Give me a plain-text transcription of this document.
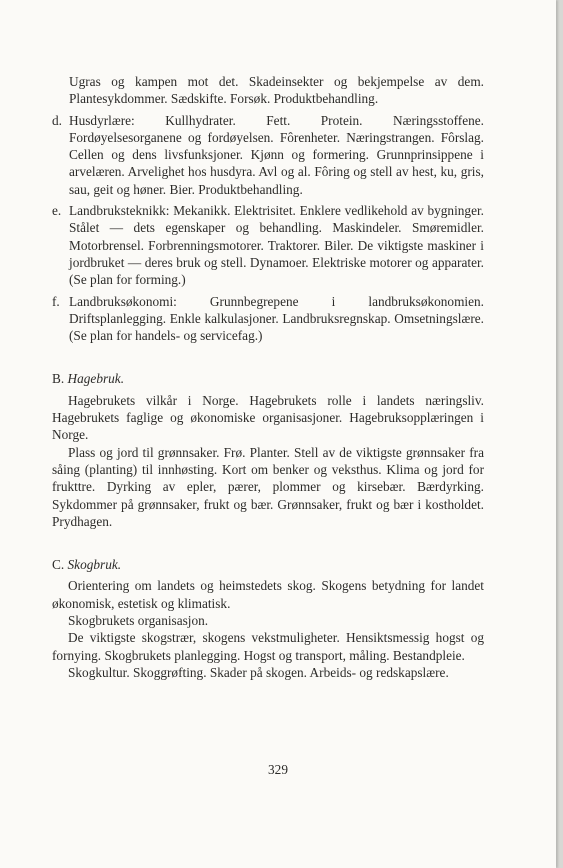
Ugras og kampen mot det. Skadeinsekter og bekjempelse av dem. Plantesykdommer. Sædskifte. Forsøk. Produktbehandling.
d. Husdyrlære: Kullhydrater. Fett. Protein. Næringsstoffene. Fordøyelsesorganene og fordøyelsen. Fôrenheter. Næringstrangen. Fôrslag. Cellen og dens livsfunksjoner. Kjønn og formering. Grunnprinsippene i arvelæren. Arvelighet hos husdyra. Avl og al. Fôring og stell av hest, ku, gris, sau, geit og høner. Bier. Produktbehandling.
e. Landbruksteknikk: Mekanikk. Elektrisitet. Enklere vedlikehold av bygninger. Stålet — dets egenskaper og behandling. Maskindeler. Smøremidler. Motorbrensel. Forbrenningsmotorer. Traktorer. Biler. De viktigste maskiner i jordbruket — deres bruk og stell. Dynamoer. Elektriske motorer og apparater. (Se plan for forming.)
f. Landbruksøkonomi: Grunnbegrepene i landbruksøkonomien. Driftsplanlegging. Enkle kalkulasjoner. Landbruksregnskap. Omsetningslære. (Se plan for handels- og servicefag.)
B. Hagebruk.
Hagebrukets vilkår i Norge. Hagebrukets rolle i landets næringsliv. Hagebrukets faglige og økonomiske organisasjoner. Hagebruksopplæringen i Norge.
Plass og jord til grønnsaker. Frø. Planter. Stell av de viktigste grønnsaker fra såing (planting) til innhøsting. Kort om benker og veksthus. Klima og jord for frukttre. Dyrking av epler, pærer, plommer og kirsebær. Bærdyrking. Sykdommer på grønnsaker, frukt og bær. Grønnsaker, frukt og bær i kostholdet. Prydhagen.
C. Skogbruk.
Orientering om landets og heimstedets skog. Skogens betydning for landet økonomisk, estetisk og klimatisk.
Skogbrukets organisasjon.
De viktigste skogstrær, skogens vekstmuligheter. Hensiktsmessig hogst og fornying. Skogbrukets planlegging. Hogst og transport, måling. Bestandpleie.
Skogkultur. Skoggrøfting. Skader på skogen. Arbeids- og redskapslære.
329
